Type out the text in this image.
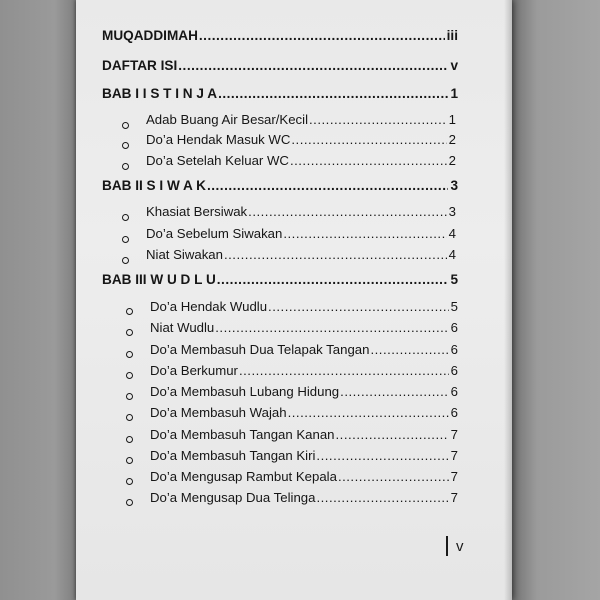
MUQADDIMAH .....	iii
DAFTAR ISI .....	v
BAB I I S T I N J A .....	1
Adab Buang Air Besar/Kecil .....	1
Do’a Hendak Masuk WC .....	2
Do’a Setelah Keluar WC .....	2
BAB II S I W A K .....	3
Khasiat Bersiwak .....	3
Do’a Sebelum Siwakan .....	4
Niat Siwakan .....	4
BAB III W U D L U .....	5
Do’a Hendak Wudlu .....	5
Niat Wudlu .....	6
Do’a Membasuh Dua Telapak Tangan .....	6
Do’a Berkumur .....	6
Do’a Membasuh Lubang Hidung .....	6
Do’a Membasuh Wajah .....	6
Do’a Membasuh Tangan Kanan .....	7
Do’a Membasuh Tangan Kiri .....	7
Do’a Mengusap Rambut Kepala .....	7
Do’a Mengusap Dua Telinga .....	7
v
